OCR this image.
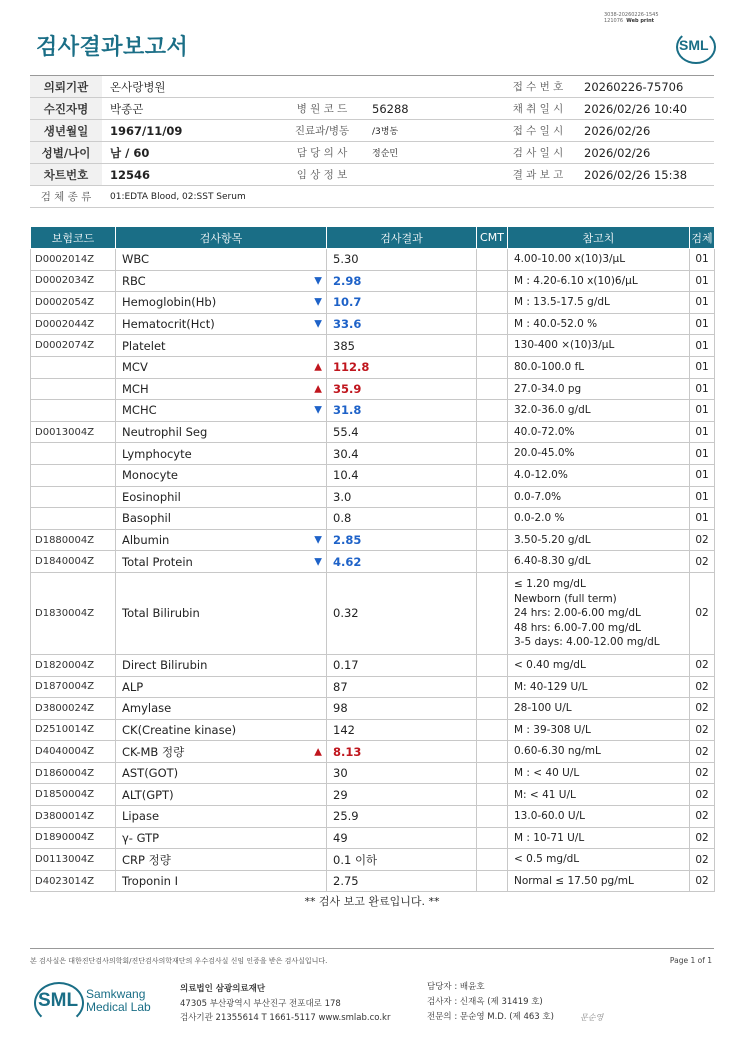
검사결과보고서
3038-20260226-1545
121076 Web print
SML
의뢰기관	온사랑병원			접 수 번 호	20260226-75706
수진자명	박종곤	병 원 코 드	56288	채 취 일 시	2026/02/26 10:40
생년월일	1967/11/09	진료과/병동	/3병동	접 수 일 시	2026/02/26
성별/나이	남 / 60	담 당 의 사	정순민	검 사 일 시	2026/02/26
차트번호	12546	임 상 정 보		결 과 보 고	2026/02/26 15:38
검 체 종 류	01:EDTA Blood, 02:SST Serum				
보험코드	검사항목	검사결과	CMT	참고치	검체
D0002014Z	WBC	5.30		4.00-10.00 x(10)3/μL	01
D0002034Z	RBC ▼	2.98		M : 4.20-6.10 x(10)6/μL	01
D0002054Z	Hemoglobin(Hb) ▼	10.7		M : 13.5-17.5 g/dL	01
D0002044Z	Hematocrit(Hct) ▼	33.6		M : 40.0-52.0 %	01
D0002074Z	Platelet	385		130-400 ×(10)3/μL	01
	MCV ▲	112.8		80.0-100.0 fL	01
	MCH ▲	35.9		27.0-34.0 pg	01
	MCHC ▼	31.8		32.0-36.0 g/dL	01
D0013004Z	Neutrophil Seg	55.4		40.0-72.0%	01
	Lymphocyte	30.4		20.0-45.0%	01
	Monocyte	10.4		4.0-12.0%	01
	Eosinophil	3.0		0.0-7.0%	01
	Basophil	0.8		0.0-2.0 %	01
D1880004Z	Albumin ▼	2.85		3.50-5.20 g/dL	02
D1840004Z	Total Protein ▼	4.62		6.40-8.30 g/dL	02
D1830004Z	Total Bilirubin	0.32		≤ 1.20 mg/dL
Newborn (full term)
24 hrs: 2.00-6.00 mg/dL
48 hrs: 6.00-7.00 mg/dL
3-5 days: 4.00-12.00 mg/dL	02
D1820004Z	Direct Bilirubin	0.17		< 0.40 mg/dL	02
D1870004Z	ALP	87		M: 40-129 U/L	02
D3800024Z	Amylase	98		28-100 U/L	02
D2510014Z	CK(Creatine kinase)	142		M : 39-308 U/L	02
D4040004Z	CK-MB 정량 ▲	8.13		0.60-6.30 ng/mL	02
D1860004Z	AST(GOT)	30		M : < 40 U/L	02
D1850004Z	ALT(GPT)	29		M: < 41 U/L	02
D3800014Z	Lipase	25.9		13.0-60.0 U/L	02
D1890004Z	γ- GTP	49		M : 10-71 U/L	02
D0113004Z	CRP 정량	0.1 이하		< 0.5 mg/dL	02
D4023014Z	Troponin I	2.75		Normal ≤ 17.50 pg/mL	02
** 검사 보고 완료입니다. **
본 검사실은 대한진단검사의학회/진단검사의학재단의 우수검사실 신임 인증을 받은 검사실입니다.	Page 1 of 1
SML Samkwang
Medical Lab
의료법인 삼광의료재단
47305 부산광역시 부산진구 전포대로 178
검사기관 21355614 T 1661-5117 www.smlab.co.kr
담당자 : 배윤호
검사자 : 신재옥 (제 31419 호)
전문의 : 문순영 M.D. (제 463 호)	문순영
